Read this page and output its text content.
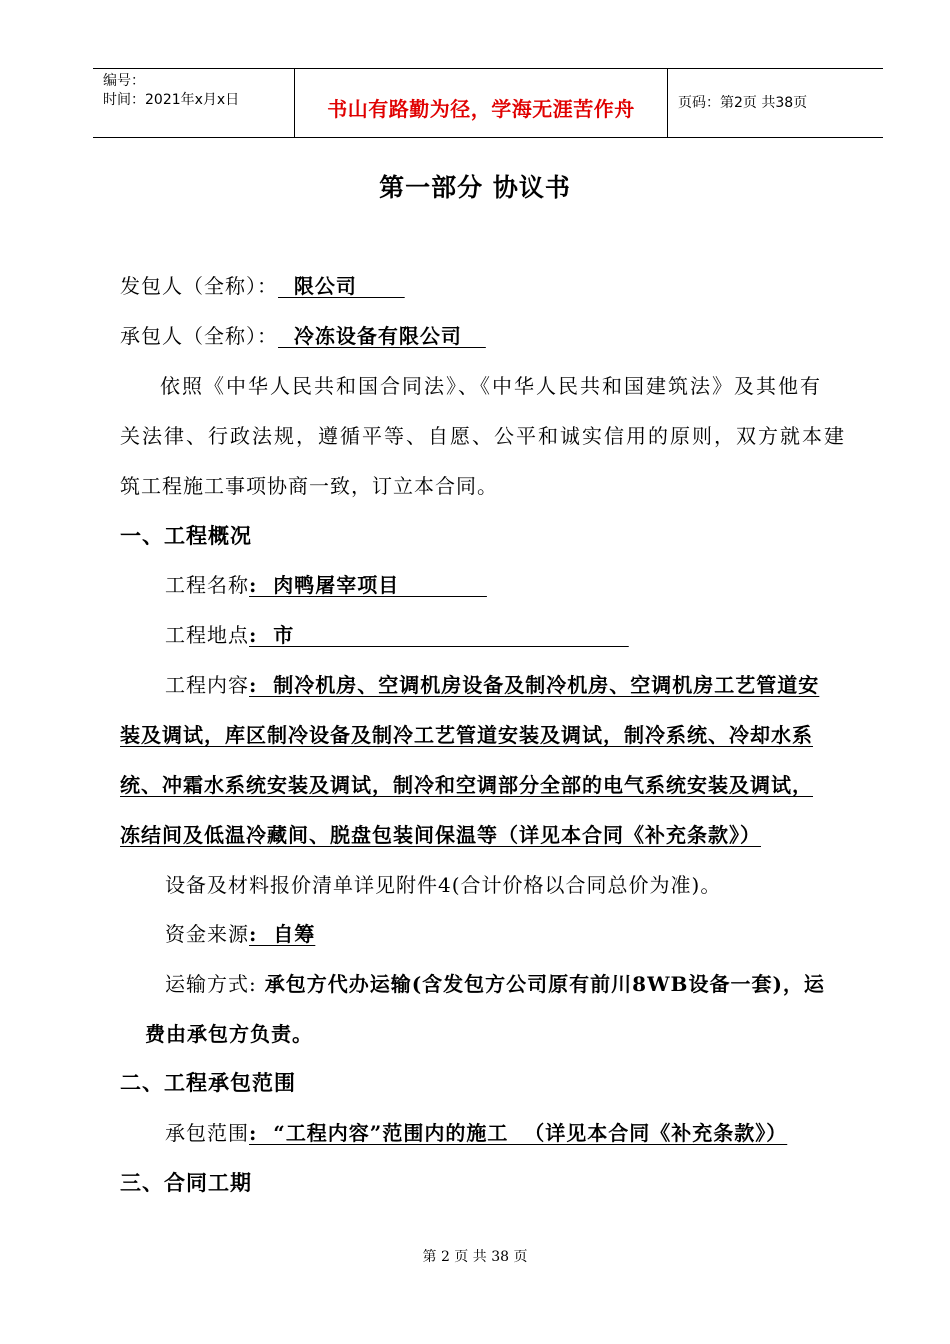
编号：
时间：2021年x月x日	书山有路勤为径，学海无涯苦作舟	页码：第2页 共38页
第一部分 协议书
发包人（全称）：  限公司
承包人（全称）：  冷冻设备有限公司
依照《中华人民共和国合同法》、《中华人民共和国建筑法》及其他有
关法律、行政法规，遵循平等、自愿、公平和诚实信用的原则，双方就本建
筑工程施工事项协商一致，订立本合同。
一、工程概况
工程名称:  肉鸭屠宰项目
工程地点:  市
工程内容:  制冷机房、空调机房设备及制冷机房、空调机房工艺管道安
装及调试，库区制冷设备及制冷工艺管道安装及调试，制冷系统、冷却水系
统、冲霜水系统安装及调试，制冷和空调部分全部的电气系统安装及调试，
冻结间及低温冷藏间、脱盘包装间保温等（详见本合同《补充条款》）
设备及材料报价清单详见附件4(合计价格以合同总价为准)。
资金来源:  自筹
运输方式: 承包方代办运输(含发包方公司原有前川8WB设备一套)，运
费由承包方负责。
二、工程承包范围
承包范围:  “工程内容”范围内的施工  （详见本合同《补充条款》）
三、合同工期
第 2 页 共 38 页
